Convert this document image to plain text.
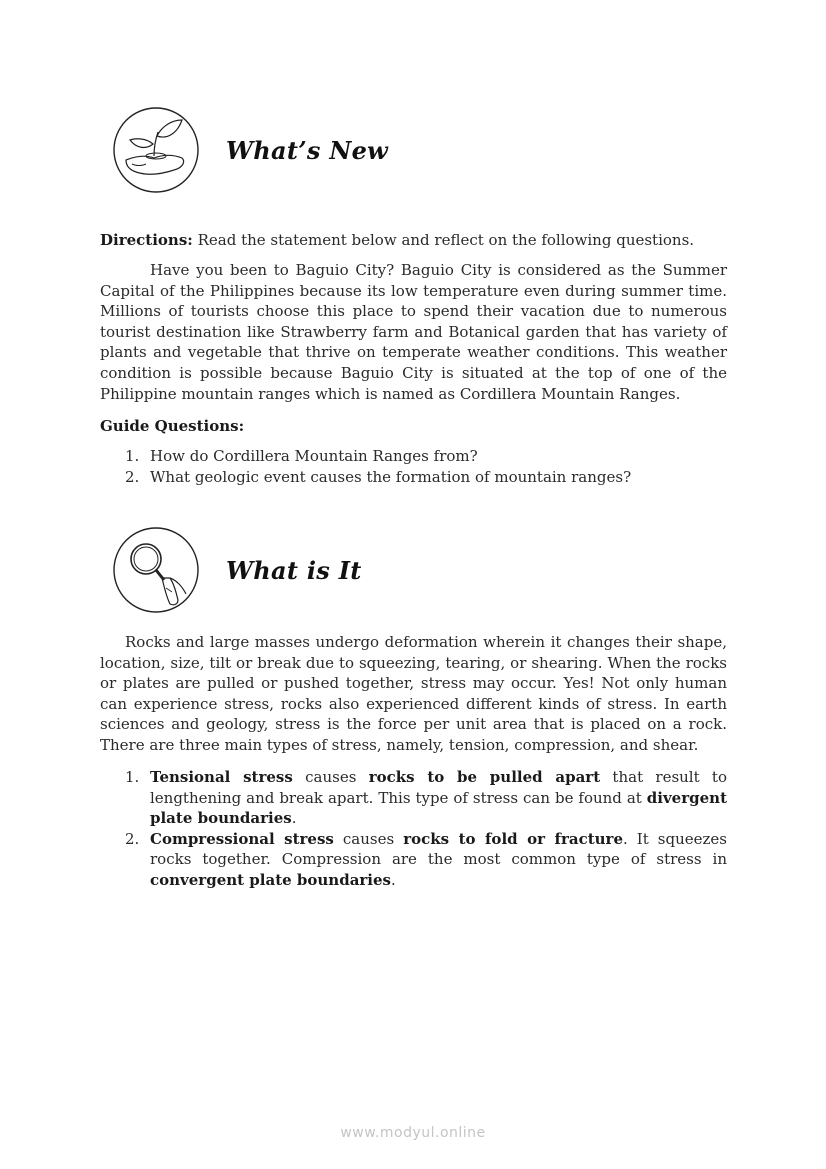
What’s New
Directions: Read the statement below and reflect on the following questions.
Have you been to Baguio City? Baguio City is considered as the Summer Capital of the Philippines because its low temperature even during summer time. Millions of tourists choose this place to spend their vacation due to numerous tourist destination like Strawberry farm and Botanical garden that has variety of plants and vegetable that thrive on temperate weather conditions. This weather condition is possible because Baguio City is situated at the top of one of the Philippine mountain ranges which is named as Cordillera Mountain Ranges.
Guide Questions:
1. How do Cordillera Mountain Ranges from?
2. What geologic event causes the formation of mountain ranges?
What is It
Rocks and large masses undergo deformation wherein it changes their shape, location, size, tilt or break due to squeezing, tearing, or shearing. When the rocks or plates are pulled or pushed together, stress may occur. Yes! Not only human can experience stress, rocks also experienced different kinds of stress. In earth sciences and geology, stress is the force per unit area that is placed on a rock. There are three main types of stress, namely, tension, compression, and shear.
1. Tensional stress causes rocks to be pulled apart that result to lengthening and break apart. This type of stress can be found at divergent plate boundaries.
2. Compressional stress causes rocks to fold or fracture. It squeezes rocks together. Compression are the most common type of stress in convergent plate boundaries.
www.modyul.online
